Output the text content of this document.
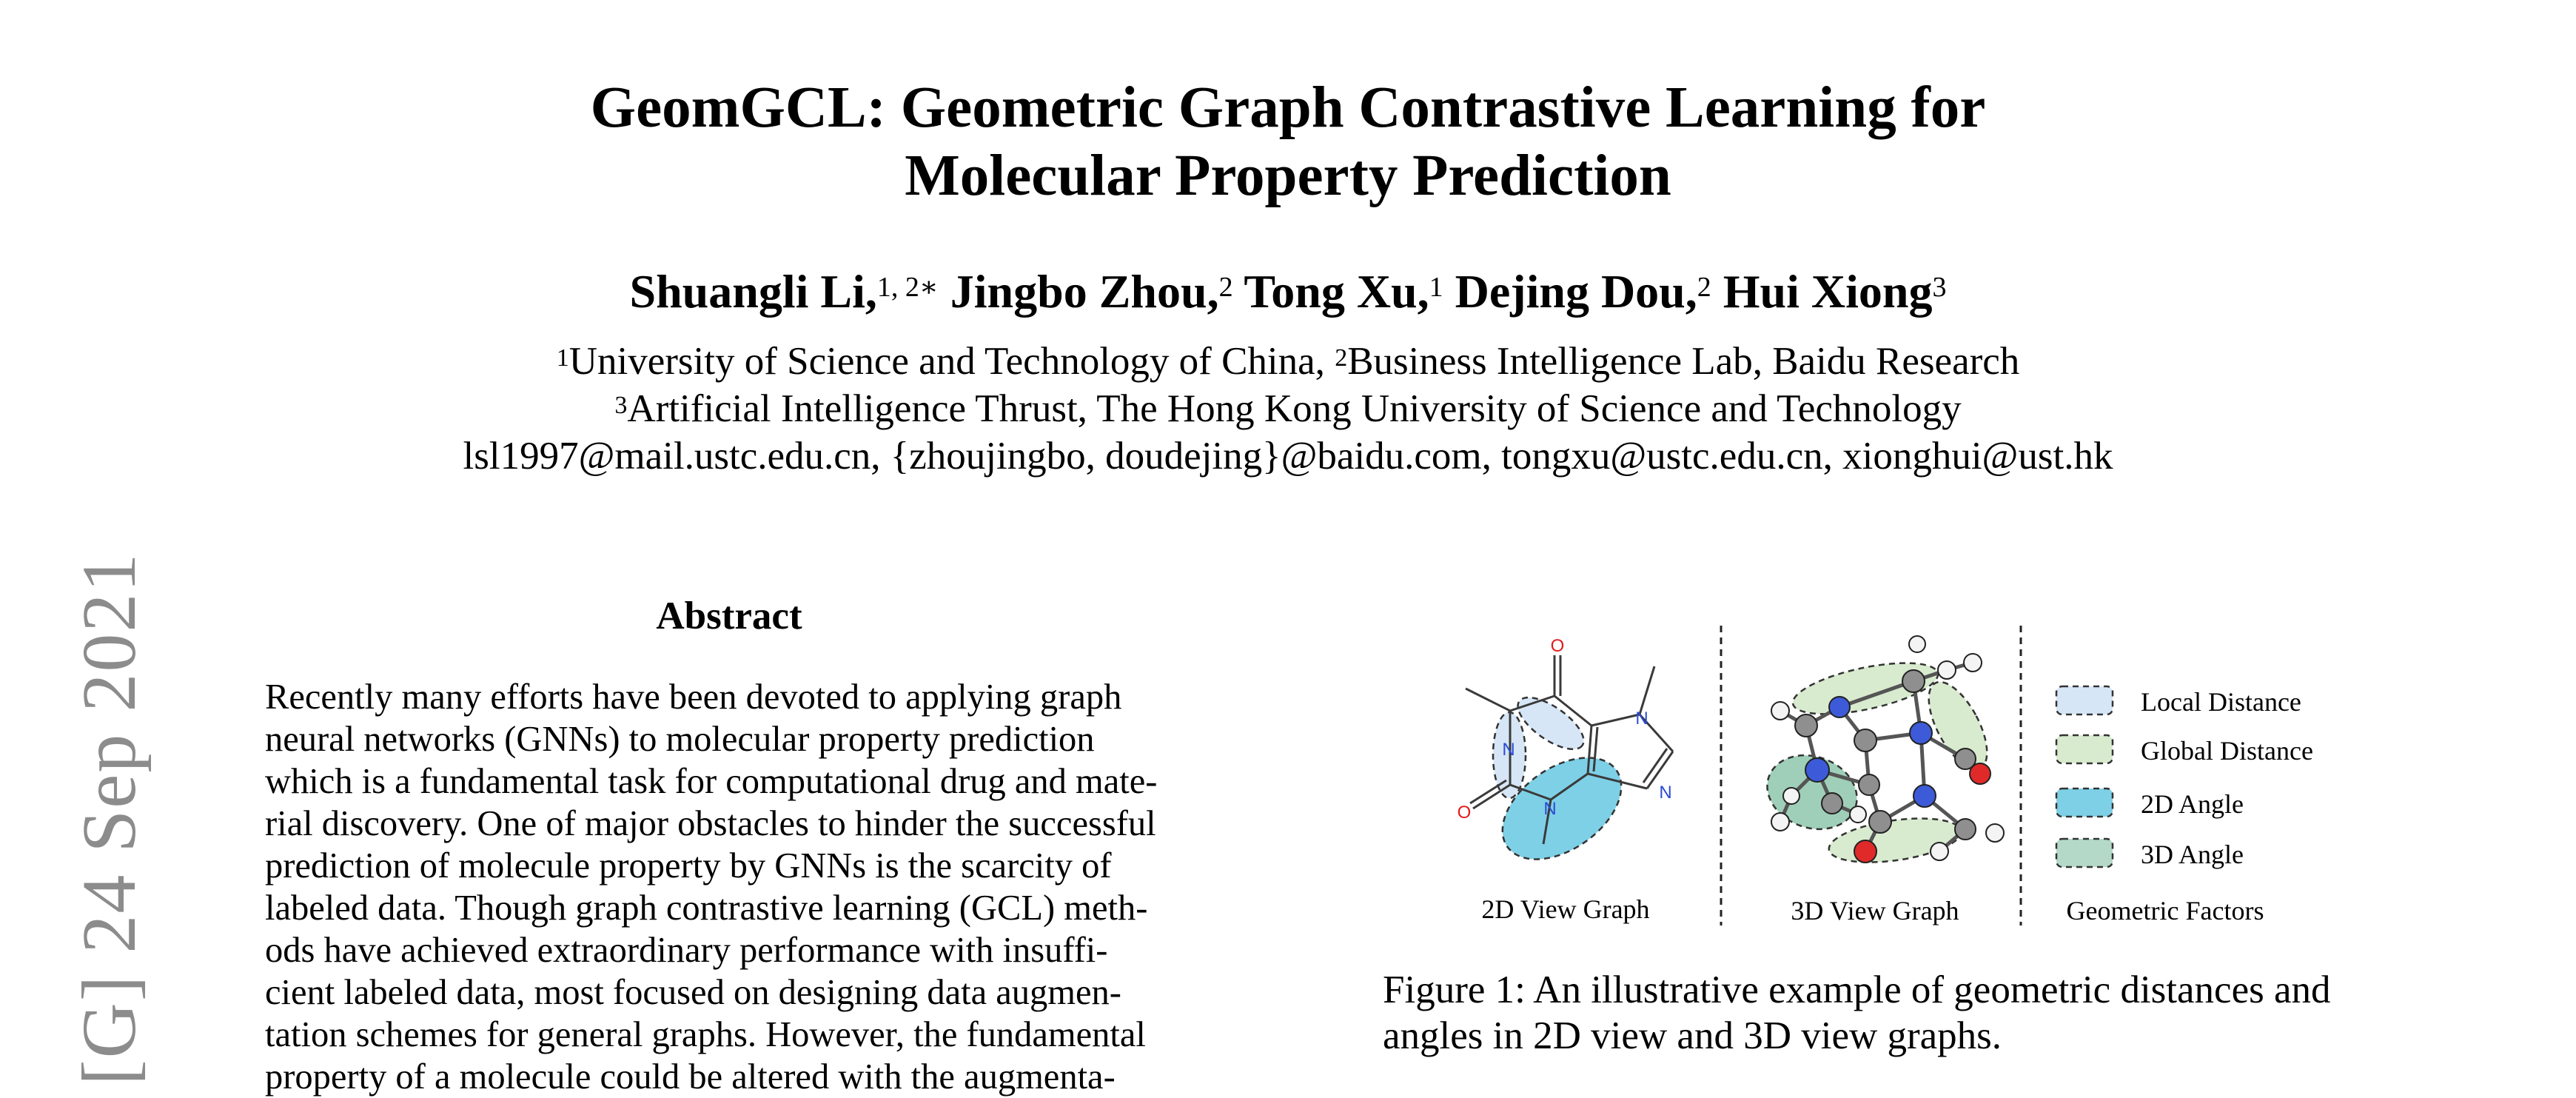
GeomGCL: Geometric Graph Contrastive Learning for
Molecular Property Prediction
Shuangli Li,$^{1, 2∗}$ Jingbo Zhou,$^2$ Tong Xu,$^1$ Dejing Dou,$^2$ Hui Xiong$^3$
$^1$University of Science and Technology of China, $^2$Business Intelligence Lab, Baidu Research
$^3$Artificial Intelligence Thrust, The Hong Kong University of Science and Technology
lsl1997@mail.ustc.edu.cn, {zhoujingbo, doudejing}@baidu.com, tongxu@ustc.edu.cn, xionghui@ust.hk
[G] 24 Sep 2021	Abstract
Recently many efforts have been devoted to applying graph
neural networks (GNNs) to molecular property prediction
which is a fundamental task for computational drug and mate-
rial discovery. One of major obstacles to hinder the successful
prediction of molecule property by GNNs is the scarcity of
labeled data. Though graph contrastive learning (GCL) meth-
ods have achieved extraordinary performance with insuffi-
cient labeled data, most focused on designing data augmen-
tation schemes for general graphs. However, the fundamental
property of a molecule could be altered with the augmenta-
O
O
N
N
N
N
Local Distance
Global Distance
2D Angle
3D Angle
2D View Graph	3D View Graph	Geometric Factors
Figure 1: An illustrative example of geometric distances and
angles in 2D view and 3D view graphs.
